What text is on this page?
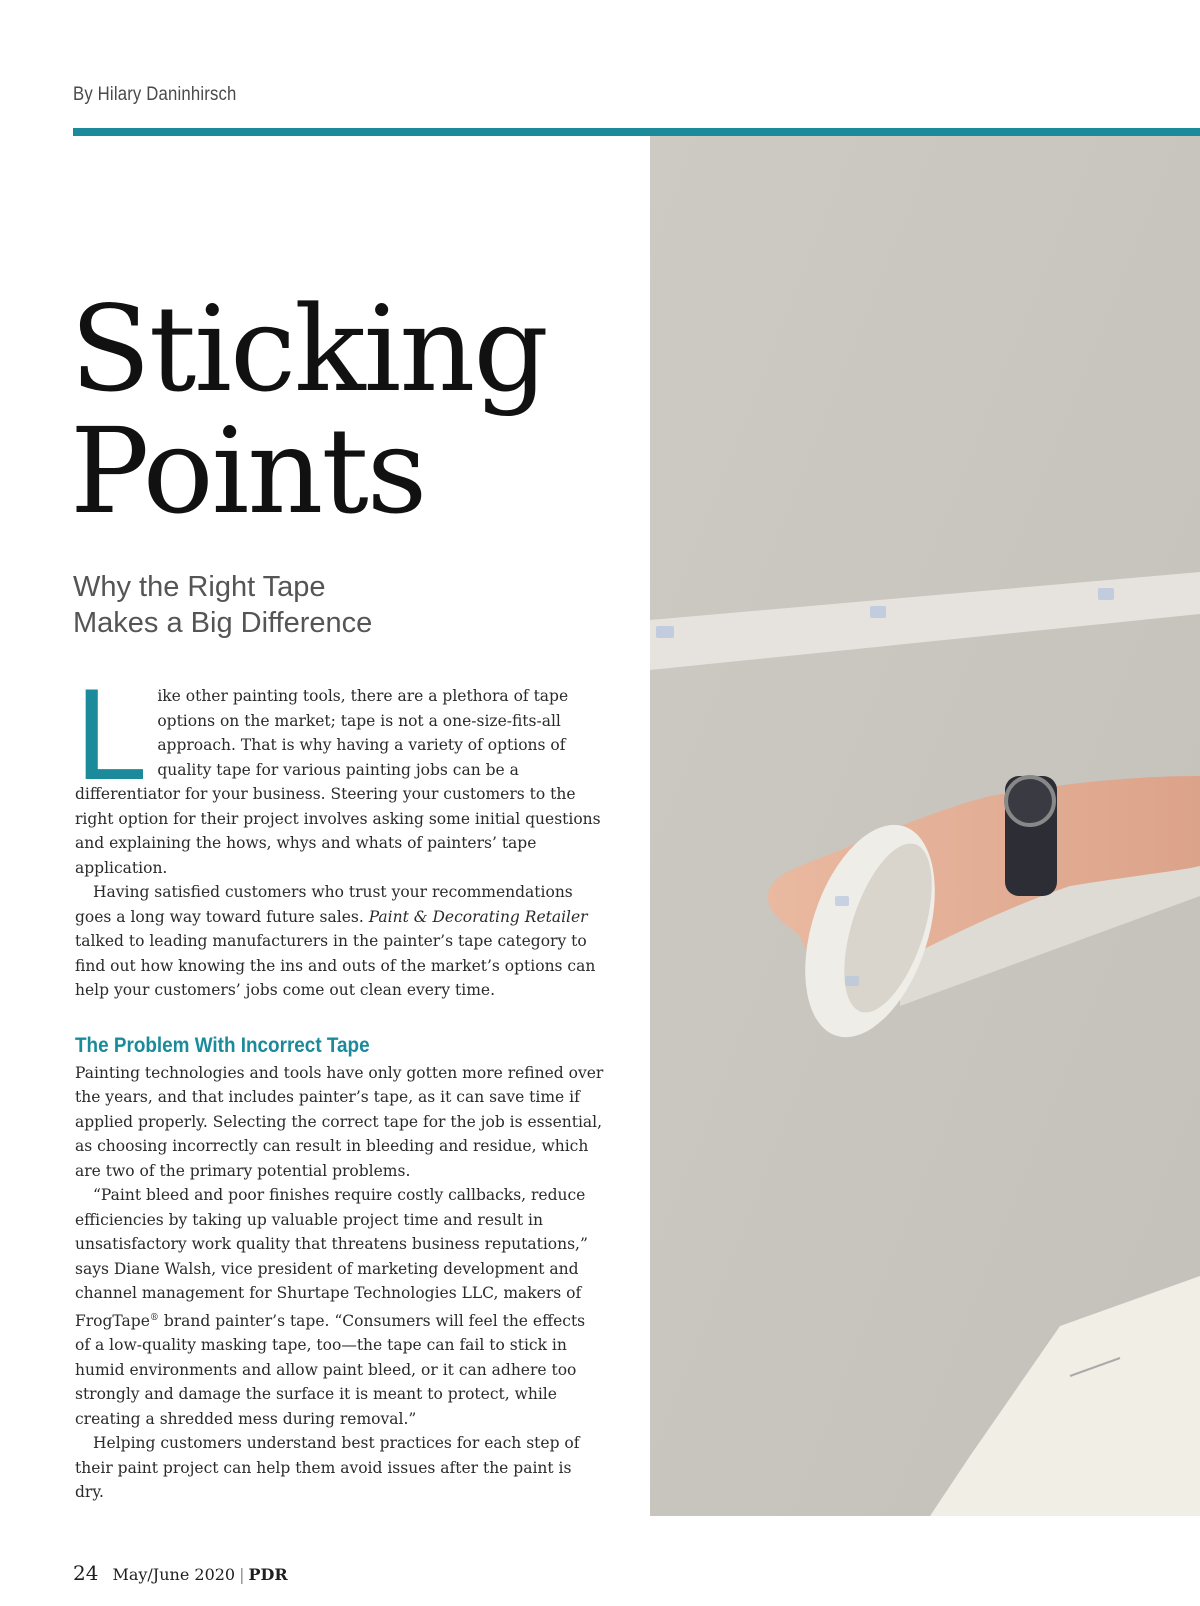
By Hilary Daninhirsch
Sticking
Points
Why the Right Tape
Makes a Big Difference

Like other painting tools, there are a plethora of tape options on the market; tape is not a one-size-fits-all approach. That is why having a variety of options of quality tape for various painting jobs can be a differentiator for your business. Steering your customers to the right option for their project involves asking some initial questions and explaining the hows, whys and whats of painters’ tape application.

Having satisfied customers who trust your recommendations goes a long way toward future sales. Paint & Decorating Retailer talked to leading manufacturers in the painter’s tape category to find out how knowing the ins and outs of the market’s options can help your customers’ jobs come out clean every time.

The Problem With Incorrect Tape

Painting technologies and tools have only gotten more refined over the years, and that includes painter’s tape, as it can save time if applied properly. Selecting the correct tape for the job is essential, as choosing incorrectly can result in bleeding and residue, which are two of the primary potential problems.

“Paint bleed and poor finishes require costly callbacks, reduce efficiencies by taking up valuable project time and result in unsatisfactory work quality that threatens business reputations,” says Diane Walsh, vice president of marketing development and channel management for Shurtape Technologies LLC, makers of FrogTape® brand painter’s tape. “Consumers will feel the effects of a low-quality masking tape, too—the tape can fail to stick in humid environments and allow paint bleed, or it can adhere too strongly and damage the surface it is meant to protect, while creating a shredded mess during removal.”

Helping customers understand best practices for each step of their paint project can help them avoid issues after the paint is dry.

24 May/June 2020 | PDR
